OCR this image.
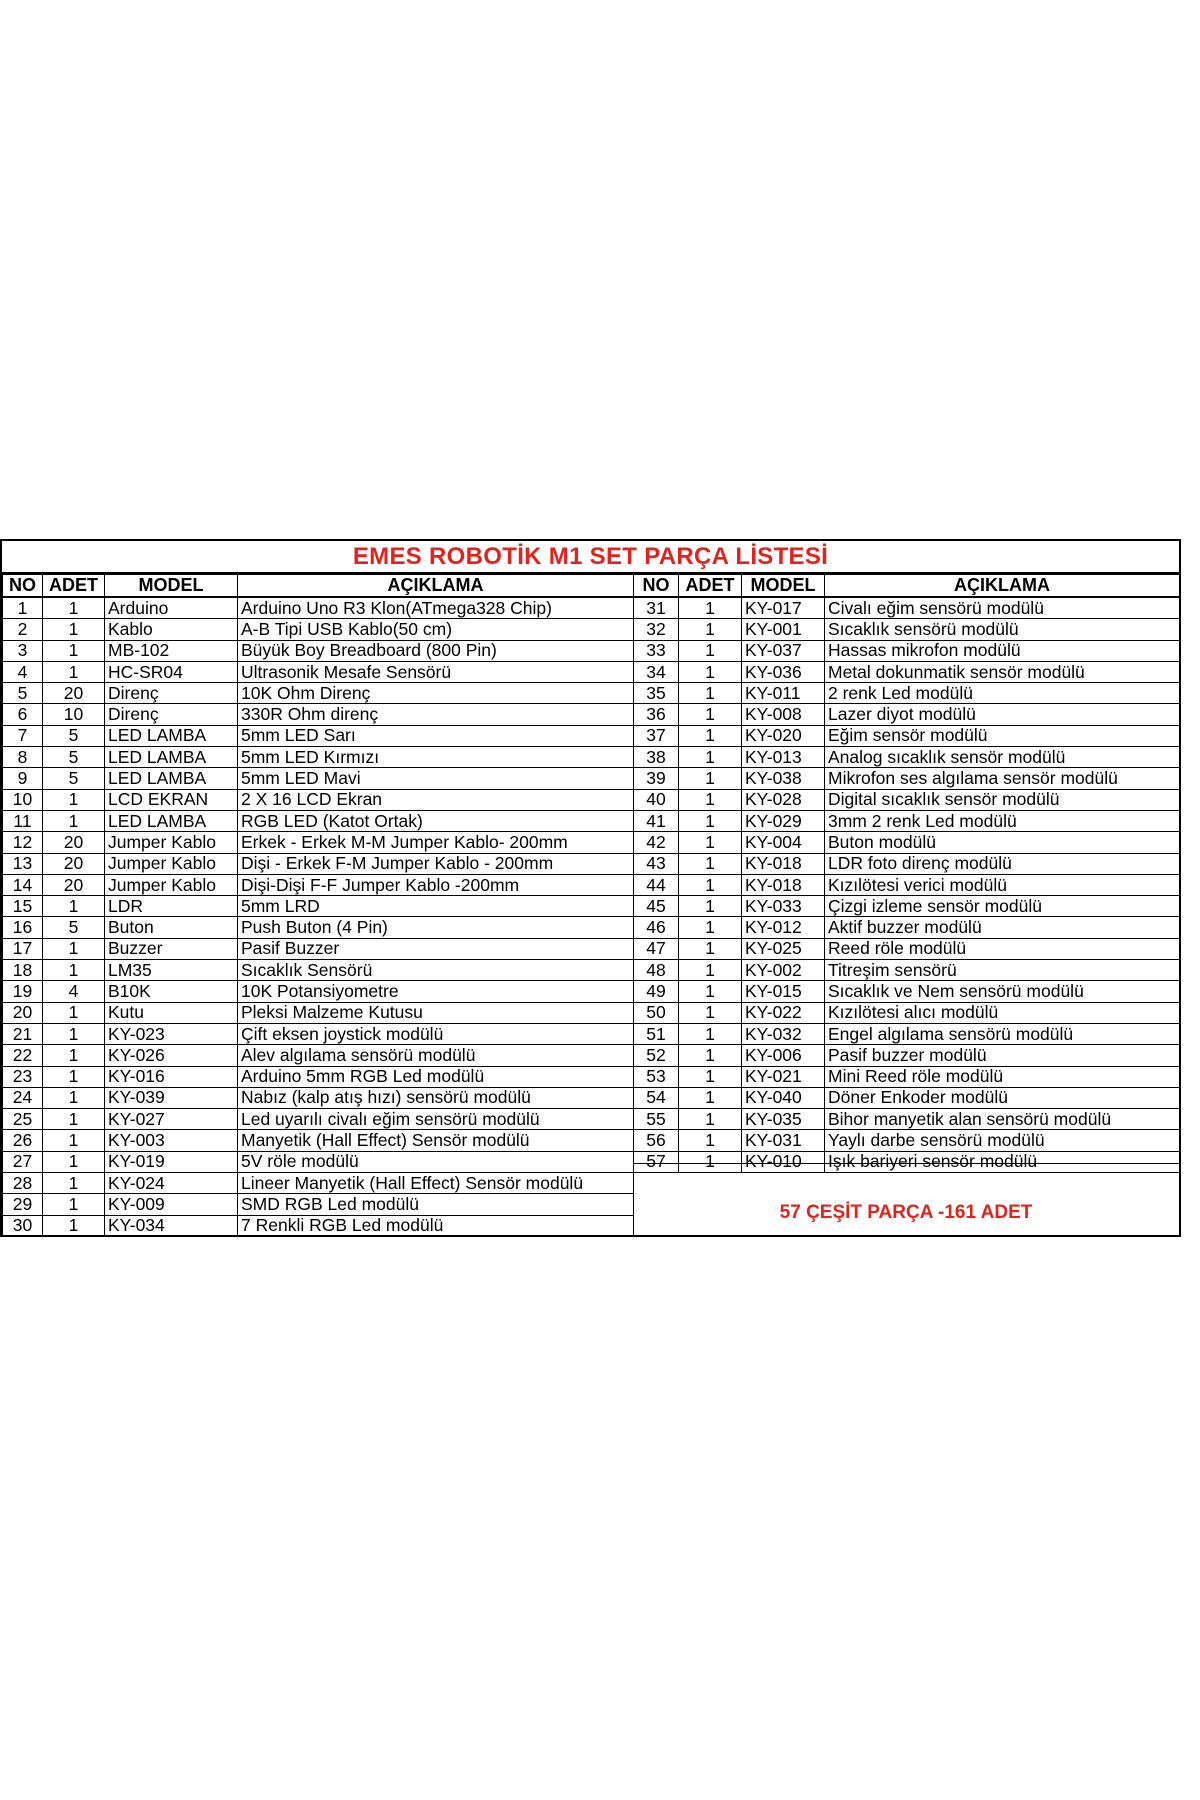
EMES ROBOTİK M1 SET PARÇA LİSTESİ
NO	ADET	MODEL	AÇIKLAMA
1	1	Arduino	Arduino Uno R3 Klon(ATmega328 Chip)
2	1	Kablo	A-B Tipi USB Kablo(50 cm)
3	1	MB-102	Büyük Boy Breadboard (800 Pin)
4	1	HC-SR04	Ultrasonik Mesafe Sensörü
5	20	Direnç	10K Ohm Direnç
6	10	Direnç	330R Ohm direnç
7	5	LED LAMBA	5mm LED Sarı
8	5	LED LAMBA	5mm LED Kırmızı
9	5	LED LAMBA	5mm LED Mavi
10	1	LCD EKRAN	2 X 16 LCD Ekran
11	1	LED LAMBA	RGB LED (Katot Ortak)
12	20	Jumper Kablo	Erkek - Erkek M-M Jumper Kablo- 200mm
13	20	Jumper Kablo	Dişi - Erkek F-M Jumper Kablo - 200mm
14	20	Jumper Kablo	Dişi-Dişi F-F Jumper Kablo -200mm
15	1	LDR	5mm LRD
16	5	Buton	Push Buton (4 Pin)
17	1	Buzzer	Pasif Buzzer
18	1	LM35	Sıcaklık Sensörü
19	4	B10K	10K Potansiyometre
20	1	Kutu	Pleksi Malzeme Kutusu
21	1	KY-023	Çift eksen joystick modülü
22	1	KY-026	Alev algılama sensörü modülü
23	1	KY-016	Arduino 5mm RGB Led modülü
24	1	KY-039	Nabız (kalp atış hızı) sensörü modülü
25	1	KY-027	Led uyarılı civalı eğim sensörü modülü
26	1	KY-003	Manyetik (Hall Effect) Sensör modülü
27	1	KY-019	5V röle modülü
28	1	KY-024	Lineer Manyetik (Hall Effect) Sensör modülü
29	1	KY-009	SMD RGB Led modülü
30	1	KY-034	7 Renkli RGB Led modülü
NO	ADET	MODEL	AÇIKLAMA
31	1	KY-017	Civalı eğim sensörü modülü
32	1	KY-001	Sıcaklık sensörü modülü
33	1	KY-037	Hassas mikrofon modülü
34	1	KY-036	Metal dokunmatik sensör modülü
35	1	KY-011	2 renk Led modülü
36	1	KY-008	Lazer diyot modülü
37	1	KY-020	Eğim sensör modülü
38	1	KY-013	Analog sıcaklık sensör modülü
39	1	KY-038	Mikrofon ses algılama sensör modülü
40	1	KY-028	Digital sıcaklık sensör modülü
41	1	KY-029	3mm 2 renk Led modülü
42	1	KY-004	Buton modülü
43	1	KY-018	LDR foto direnç modülü
44	1	KY-018	Kızılötesi verici modülü
45	1	KY-033	Çizgi izleme sensör modülü
46	1	KY-012	Aktif buzzer modülü
47	1	KY-025	Reed röle modülü
48	1	KY-002	Titreşim sensörü
49	1	KY-015	Sıcaklık ve Nem sensörü modülü
50	1	KY-022	Kızılötesi alıcı modülü
51	1	KY-032	Engel algılama sensörü modülü
52	1	KY-006	Pasif buzzer modülü
53	1	KY-021	Mini Reed röle modülü
54	1	KY-040	Döner Enkoder modülü
55	1	KY-035	Bihor manyetik alan sensörü modülü
56	1	KY-031	Yaylı darbe sensörü modülü
57	1	KY-010	Işık bariyeri sensör modülü
57 ÇEŞİT PARÇA -161 ADET
